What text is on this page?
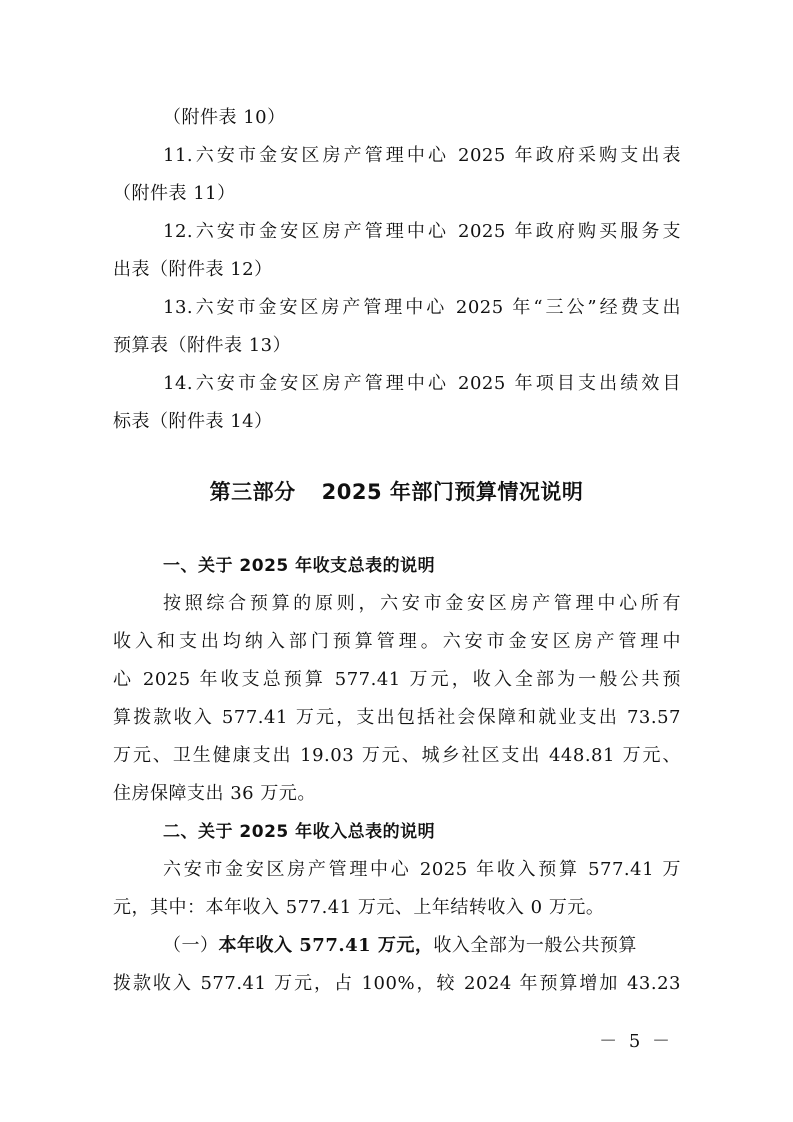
（附件表 10）
11.六安市金安区房产管理中心 2025 年政府采购支出表
（附件表 11）
12.六安市金安区房产管理中心 2025 年政府购买服务支
出表（附件表 12）
13.六安市金安区房产管理中心 2025 年“三公”经费支出
预算表（附件表 13）
14.六安市金安区房产管理中心 2025 年项目支出绩效目
标表（附件表 14）
第三部分 2025 年部门预算情况说明
一、关于 2025 年收支总表的说明
按照综合预算的原则，六安市金安区房产管理中心所有
收入和支出均纳入部门预算管理。六安市金安区房产管理中
心 2025 年收支总预算 577.41 万元，收入全部为一般公共预
算拨款收入 577.41 万元，支出包括社会保障和就业支出 73.57
万元、卫生健康支出 19.03 万元、城乡社区支出 448.81 万元、
住房保障支出 36 万元。
二、关于 2025 年收入总表的说明
六安市金安区房产管理中心 2025 年收入预算 577.41 万
元，其中：本年收入 577.41 万元、上年结转收入 0 万元。
（一）本年收入 577.41 万元，收入全部为一般公共预算
拨款收入 577.41 万元，占 100%，较 2024 年预算增加 43.23
－ 5 －
